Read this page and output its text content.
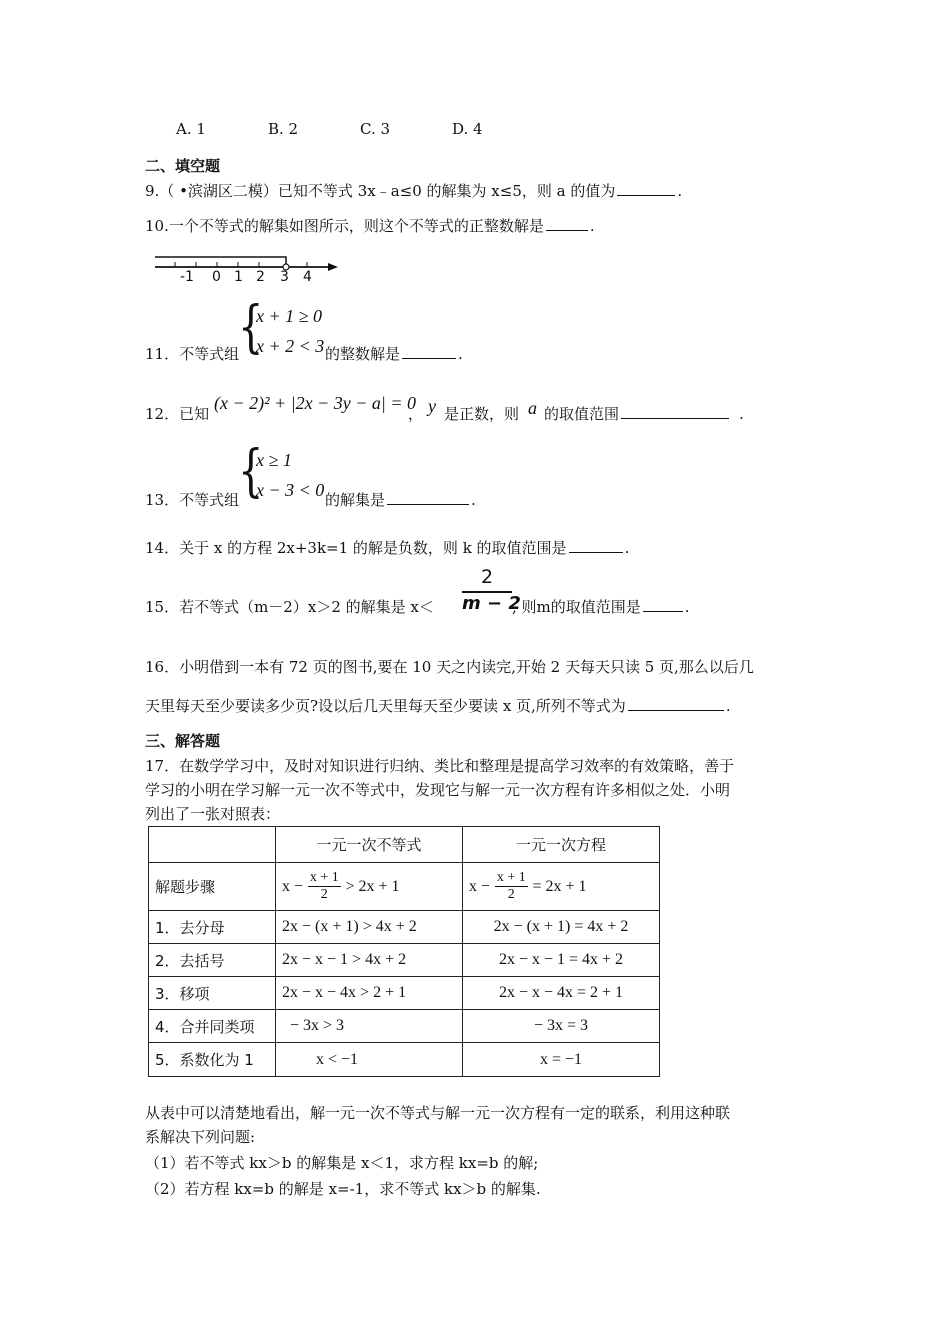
A. 1	B. 2	C. 3	D. 4
二、填空题
9.（ •滨湖区二模）已知不等式 3x﹣a≤0 的解集为 x≤5，则 a 的值为	.
10.一个不等式的解集如图所示，则这个不等式的正整数解是	.
-1 0 1 2 3 4
11．不等式组
{
x + 1 ≥ 0
x + 2 < 3 的整数解是	.
12．已知
(x − 2)² + |2x − 3y − a| = 0
， y 是正数，则 a 的取值范围	.
13．不等式组
{
x ≥ 1
x − 3 < 0 的解集是	.
14．关于 x 的方程 2x+3k=1 的解是负数，则 k 的取值范围是	.
15．若不等式（m－2）x＞2 的解集是 $x< \frac{2}{m - 2}$ , 则m的取值范围是	.
16．小明借到一本有 72 页的图书,要在 10 天之内读完,开始 2 天每天只读 5 页,那么以后几
天里每天至少要读多少页?设以后几天里每天至少要读 x 页,所列不等式为	.
三、解答题
17．在数学学习中，及时对知识进行归纳、类比和整理是提高学习效率的有效策略，善于
学习的小明在学习解一元一次不等式中，发现它与解一元一次方程有许多相似之处．小明
列出了一张对照表：
	一元一次不等式	一元一次方程
解题步骤	$x - \frac{x + 1}{2} > 2x + 1$	$x - \frac{x + 1}{2} = 2x + 1$
1．去分母	2x − (x + 1) > 4x + 2	2x − (x + 1) = 4x + 2
2．去括号	2x − x − 1 > 4x + 2	2x − x − 1 = 4x + 2
3．移项	2x − x − 4x > 2 + 1	2x − x − 4x = 2 + 1
4．合并同类项	− 3x > 3	− 3x = 3
5．系数化为 1	x < −1	x = −1
从表中可以清楚地看出，解一元一次不等式与解一元一次方程有一定的联系，利用这种联
系解决下列问题:
（1）若不等式 kx＞b 的解集是 x＜1，求方程 kx=b 的解;
（2）若方程 kx=b 的解是 x=-1，求不等式 kx＞b 的解集.
